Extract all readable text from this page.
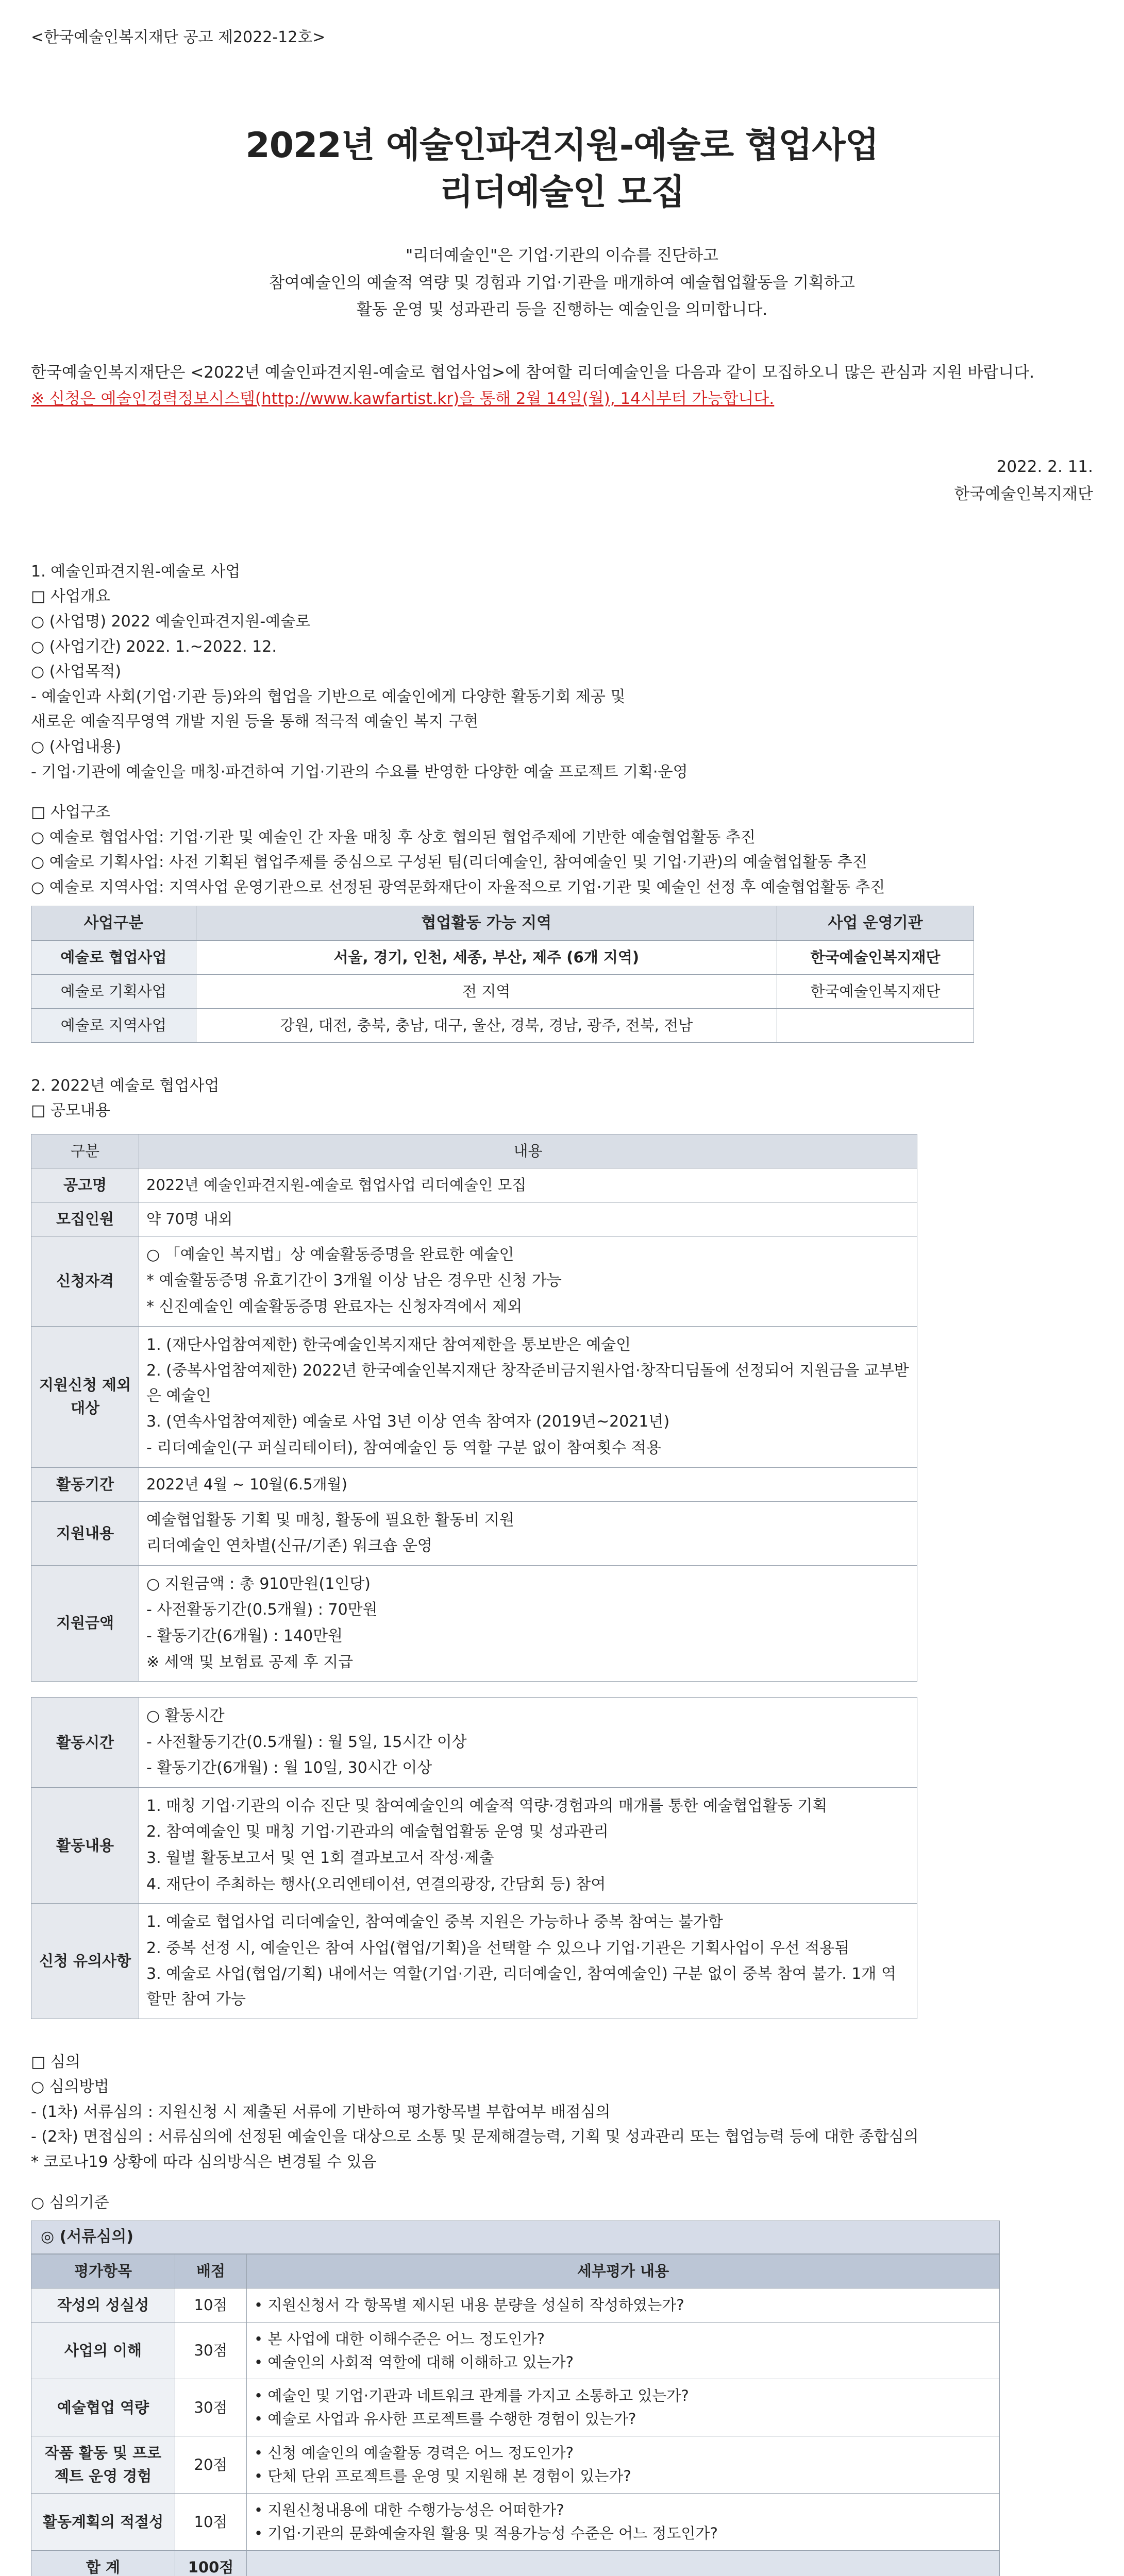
<한국예술인복지재단 공고 제2022-12호>
2022년 예술인파견지원-예술로 협업사업
리더예술인 모집
"리더예술인"은 기업·기관의 이슈를 진단하고
참여예술인의 예술적 역량 및 경험과 기업·기관을 매개하여 예술협업활동을 기획하고
활동 운영 및 성과관리 등을 진행하는 예술인을 의미합니다.
한국예술인복지재단은 <2022년 예술인파견지원-예술로 협업사업>에 참여할 리더예술인을 다음과 같이 모집하오니 많은 관심과 지원 바랍니다.
※ 신청은 예술인경력정보시스템(http://www.kawfartist.kr)을 통해 2월 14일(월), 14시부터 가능합니다.
2022. 2. 11.
한국예술인복지재단
1. 예술인파견지원-예술로 사업
□ 사업개요
○ (사업명) 2022 예술인파견지원-예술로
○ (사업기간) 2022. 1.~2022. 12.
○ (사업목적)
- 예술인과 사회(기업·기관 등)와의 협업을 기반으로 예술인에게 다양한 활동기회 제공 및
새로운 예술직무영역 개발 지원 등을 통해 적극적 예술인 복지 구현
○ (사업내용)
- 기업·기관에 예술인을 매칭·파견하여 기업·기관의 수요를 반영한 다양한 예술 프로젝트 기획·운영
□ 사업구조
○ 예술로 협업사업: 기업·기관 및 예술인 간 자율 매칭 후 상호 협의된 협업주제에 기반한 예술협업활동 추진
○ 예술로 기획사업: 사전 기획된 협업주제를 중심으로 구성된 팀(리더예술인, 참여예술인 및 기업·기관)의 예술협업활동 추진
○ 예술로 지역사업: 지역사업 운영기관으로 선정된 광역문화재단이 자율적으로 기업·기관 및 예술인 선정 후 예술협업활동 추진
사업구분	협업활동 가능 지역	사업 운영기관
예술로 협업사업	서울, 경기, 인천, 세종, 부산, 제주 (6개 지역)	한국예술인복지재단
예술로 기획사업	전 지역	한국예술인복지재단
예술로 지역사업	강원, 대전, 충북, 충남, 대구, 울산, 경북, 경남, 광주, 전북, 전남	
2. 2022년 예술로 협업사업
□ 공모내용
구분	내용
공고명	2022년 예술인파견지원-예술로 협업사업 리더예술인 모집
모집인원	약 70명 내외
신청자격	○ 「예술인 복지법」상 예술활동증명을 완료한 예술인
* 예술활동증명 유효기간이 3개월 이상 남은 경우만 신청 가능
* 신진예술인 예술활동증명 완료자는 신청자격에서 제외

지원신청 제외대상	1. (재단사업참여제한) 한국예술인복지재단 참여제한을 통보받은 예술인
2. (중복사업참여제한) 2022년 한국예술인복지재단 창작준비금지원사업·창작디딤돌에 선정되어 지원금을 교부받은 예술인
3. (연속사업참여제한) 예술로 사업 3년 이상 연속 참여자 (2019년~2021년)
- 리더예술인(구 퍼실리테이터), 참여예술인 등 역할 구분 없이 참여횟수 적용

활동기간	2022년 4월 ~ 10월(6.5개월)
지원내용	예술협업활동 기획 및 매칭, 활동에 필요한 활동비 지원
리더예술인 연차별(신규/기존) 워크숍 운영

지원금액	○ 지원금액 : 총 910만원(1인당)
- 사전활동기간(0.5개월) : 70만원
- 활동기간(6개월) : 140만원
※ 세액 및 보험료 공제 후 지급
활동시간	○ 활동시간
- 사전활동기간(0.5개월) : 월 5일, 15시간 이상
- 활동기간(6개월) : 월 10일, 30시간 이상

활동내용	1. 매칭 기업·기관의 이슈 진단 및 참여예술인의 예술적 역량·경험과의 매개를 통한 예술협업활동 기획
2. 참여예술인 및 매칭 기업·기관과의 예술협업활동 운영 및 성과관리
3. 월별 활동보고서 및 연 1회 결과보고서 작성·제출
4. 재단이 주최하는 행사(오리엔테이션, 연결의광장, 간담회 등) 참여

신청 유의사항	1. 예술로 협업사업 리더예술인, 참여예술인 중복 지원은 가능하나 중복 참여는 불가함
2. 중복 선정 시, 예술인은 참여 사업(협업/기획)을 선택할 수 있으나 기업·기관은 기획사업이 우선 적용됨
3. 예술로 사업(협업/기획) 내에서는 역할(기업·기관, 리더예술인, 참여예술인) 구분 없이 중복 참여 불가. 1개 역할만 참여 가능
□ 심의
○ 심의방법
- (1차) 서류심의 : 지원신청 시 제출된 서류에 기반하여 평가항목별 부합여부 배점심의
- (2차) 면접심의 : 서류심의에 선정된 예술인을 대상으로 소통 및 문제해결능력, 기획 및 성과관리 또는 협업능력 등에 대한 종합심의
* 코로나19 상황에 따라 심의방식은 변경될 수 있음
○ 심의기준
◎ (서류심의)
평가항목	배점	세부평가 내용
작성의 성실성	10점	• 지원신청서 각 항목별 제시된 내용 분량을 성실히 작성하였는가?
사업의 이해	30점	• 본 사업에 대한 이해수준은 어느 정도인가?
• 예술인의 사회적 역할에 대해 이해하고 있는가?
예술협업 역량	30점	• 예술인 및 기업·기관과 네트워크 관계를 가지고 소통하고 있는가?
• 예술로 사업과 유사한 프로젝트를 수행한 경험이 있는가?
작품 활동 및 프로젝트 운영 경험	20점	• 신청 예술인의 예술활동 경력은 어느 정도인가?
• 단체 단위 프로젝트를 운영 및 지원해 본 경험이 있는가?
활동계획의 적절성	10점	• 지원신청내용에 대한 수행가능성은 어떠한가?
• 기업·기관의 문화예술자원 활용 및 적용가능성 수준은 어느 정도인가?
합 계	100점	
